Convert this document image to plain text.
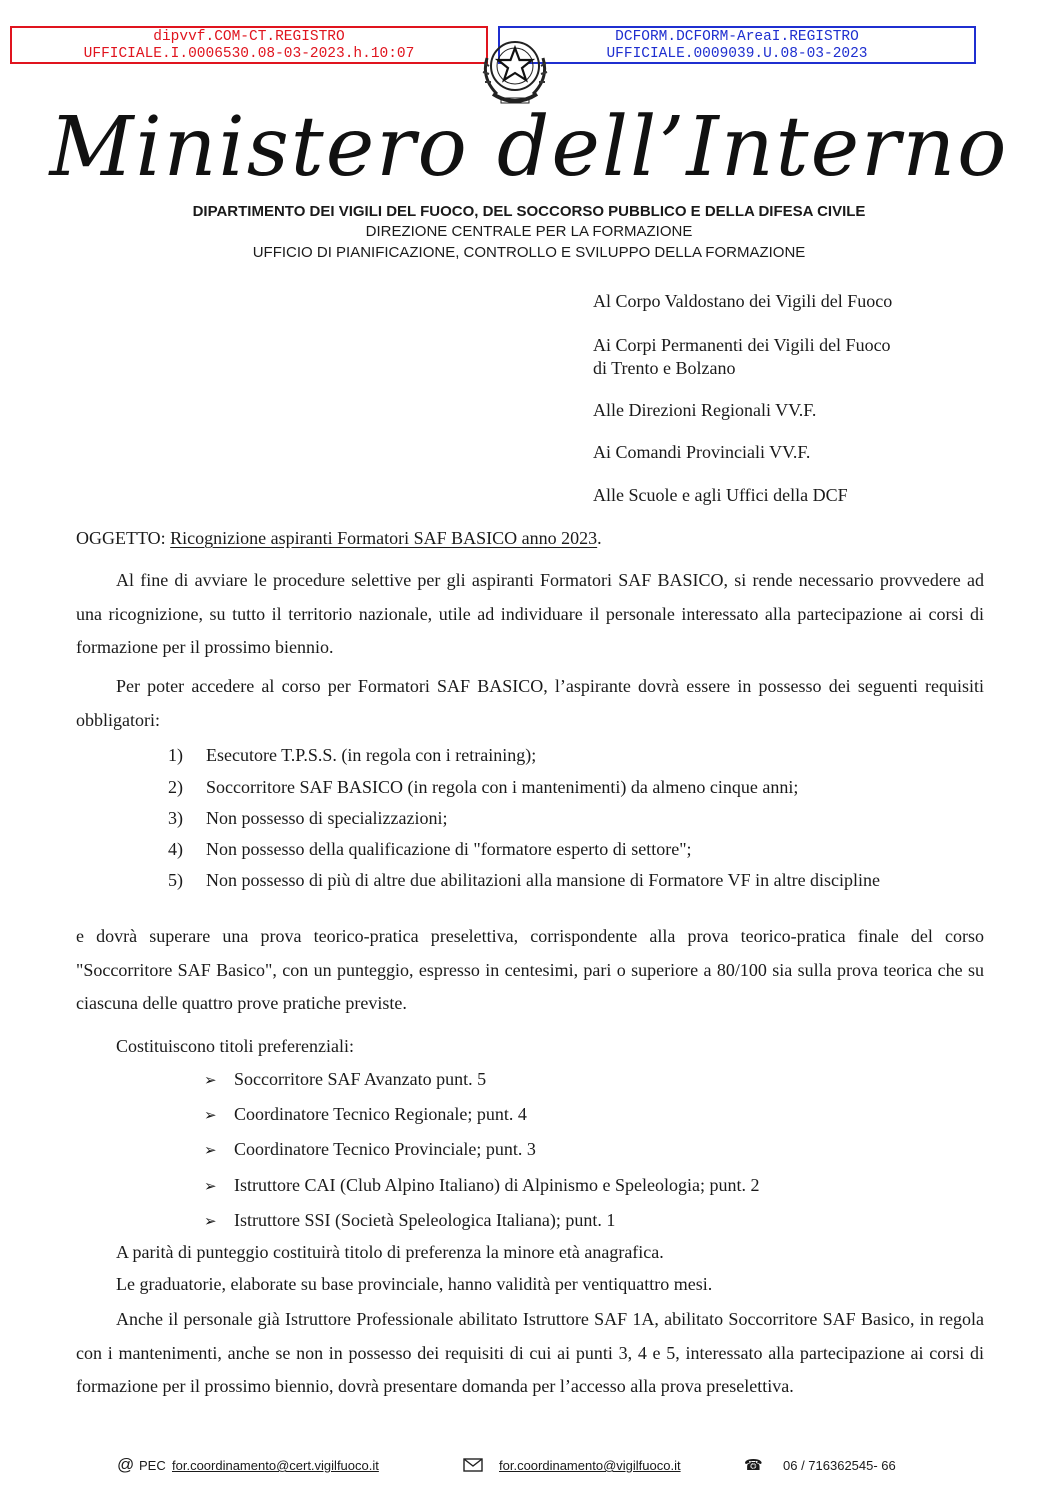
dipvvf.COM-CT.REGISTRO
UFFICIALE.I.0006530.08-03-2023.h.10:07
DCFORM.DCFORM-AreaI.REGISTRO
UFFICIALE.0009039.U.08-03-2023
Ministero dell’Interno
DIPARTIMENTO DEI VIGILI DEL FUOCO, DEL SOCCORSO PUBBLICO E DELLA DIFESA CIVILE
DIREZIONE CENTRALE PER LA FORMAZIONE
UFFICIO DI PIANIFICAZIONE, CONTROLLO E SVILUPPO DELLA FORMAZIONE
Al Corpo Valdostano dei Vigili del Fuoco
Ai Corpi Permanenti dei Vigili del Fuoco
di Trento e Bolzano
Alle Direzioni Regionali VV.F.
Ai Comandi Provinciali VV.F.
Alle Scuole e agli Uffici della DCF
OGGETTO: Ricognizione aspiranti Formatori SAF BASICO anno 2023.
Al fine di avviare le procedure selettive per gli aspiranti Formatori SAF BASICO, si rende necessario provvedere ad una ricognizione, su tutto il territorio nazionale, utile ad individuare il personale interessato alla partecipazione ai corsi di formazione per il prossimo biennio.
Per poter accedere al corso per Formatori SAF BASICO, l’aspirante dovrà essere in possesso dei seguenti requisiti obbligatori:
1) Esecutore T.P.S.S. (in regola con i retraining);
2) Soccorritore SAF BASICO (in regola con i mantenimenti) da almeno cinque anni;
3) Non possesso di specializzazioni;
4) Non possesso della qualificazione di "formatore esperto di settore";
5) Non possesso di più di altre due abilitazioni alla mansione di Formatore VF in altre discipline
e dovrà superare una prova teorico-pratica preselettiva, corrispondente alla prova teorico-pratica finale del corso "Soccorritore SAF Basico", con un punteggio, espresso in centesimi, pari o superiore a 80/100 sia sulla prova teorica che su ciascuna delle quattro prove pratiche previste.
Costituiscono titoli preferenziali:
➢ Soccorritore SAF Avanzato punt. 5
➢ Coordinatore Tecnico Regionale; punt. 4
➢ Coordinatore Tecnico Provinciale; punt. 3
➢ Istruttore CAI (Club Alpino Italiano) di Alpinismo e Speleologia; punt. 2
➢ Istruttore SSI (Società Speleologica Italiana); punt. 1
A parità di punteggio costituirà titolo di preferenza la minore età anagrafica.
Le graduatorie, elaborate su base provinciale, hanno validità per ventiquattro mesi.
Anche il personale già Istruttore Professionale abilitato Istruttore SAF 1A, abilitato Soccorritore SAF Basico, in regola con i mantenimenti, anche se non in possesso dei requisiti di cui ai punti 3, 4 e 5, interessato alla partecipazione ai corsi di formazione per il prossimo biennio, dovrà presentare domanda per l’accesso alla prova preselettiva.
@ PEC for.coordinamento@cert.vigilfuoco.it	for.coordinamento@vigilfuoco.it	☎ 06 / 716362545- 66
